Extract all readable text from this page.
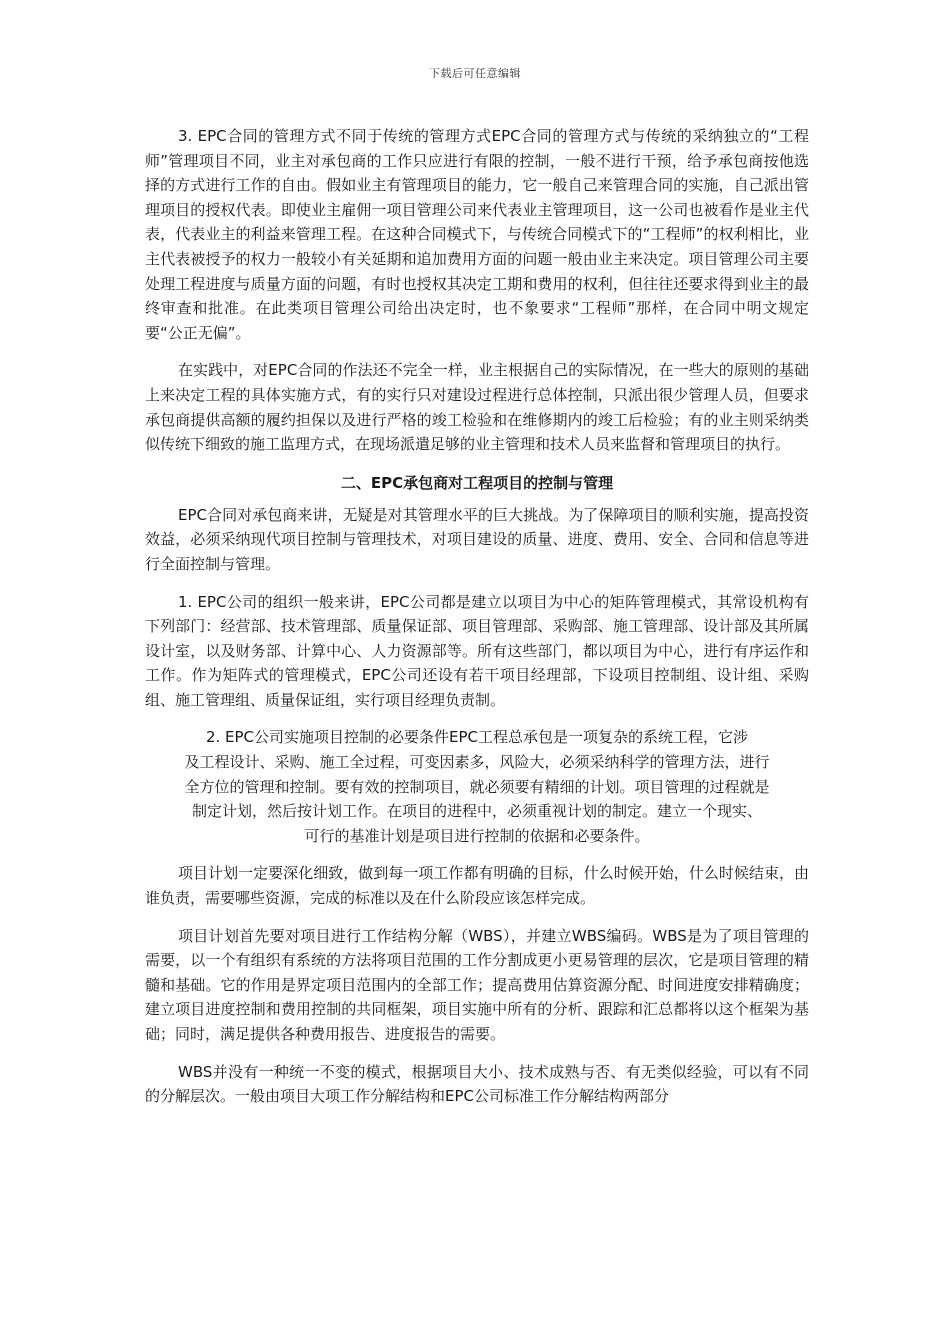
下载后可任意编辑

3. EPC合同的管理方式不同于传统的管理方式EPC合同的管理方式与传统的采纳独立的“工程师”管理项目不同，业主对承包商的工作只应进行有限的控制，一般不进行干预，给予承包商按他选择的方式进行工作的自由。假如业主有管理项目的能力，它一般自己来管理合同的实施，自己派出管理项目的授权代表。即使业主雇佣一项目管理公司来代表业主管理项目，这一公司也被看作是业主代表，代表业主的利益来管理工程。在这种合同模式下，与传统合同模式下的“工程师”的权利相比，业主代表被授予的权力一般较小有关延期和追加费用方面的问题一般由业主来决定。项目管理公司主要处理工程进度与质量方面的问题，有时也授权其决定工期和费用的权利，但往往还要求得到业主的最终审查和批准。在此类项目管理公司给出决定时，也不象要求“工程师”那样，在合同中明文规定要“公正无偏”。

在实践中，对EPC合同的作法还不完全一样，业主根据自己的实际情况，在一些大的原则的基础上来决定工程的具体实施方式，有的实行只对建设过程进行总体控制，只派出很少管理人员，但要求承包商提供高额的履约担保以及进行严格的竣工检验和在维修期内的竣工后检验；有的业主则采纳类似传统下细致的施工监理方式，在现场派遣足够的业主管理和技术人员来监督和管理项目的执行。

二、EPC承包商对工程项目的控制与管理

EPC合同对承包商来讲，无疑是对其管理水平的巨大挑战。为了保障项目的顺利实施，提高投资效益，必须采纳现代项目控制与管理技术，对项目建设的质量、进度、费用、安全、合同和信息等进行全面控制与管理。

1. EPC公司的组织一般来讲，EPC公司都是建立以项目为中心的矩阵管理模式，其常设机构有下列部门：经营部、技术管理部、质量保证部、项目管理部、采购部、施工管理部、设计部及其所属设计室，以及财务部、计算中心、人力资源部等。所有这些部门，都以项目为中心，进行有序运作和工作。作为矩阵式的管理模式，EPC公司还设有若干项目经理部，下设项目控制组、设计组、采购组、施工管理组、质量保证组，实行项目经理负责制。

2. EPC公司实施项目控制的必要条件EPC工程总承包是一项复杂的系统工程，它涉
及工程设计、采购、施工全过程，可变因素多，风险大，必须采纳科学的管理方法，进行
全方位的管理和控制。要有效的控制项目，就必须要有精细的计划。项目管理的过程就是
制定计划，然后按计划工作。在项目的进程中，必须重视计划的制定。建立一个现实、
可行的基准计划是项目进行控制的依据和必要条件。

项目计划一定要深化细致，做到每一项工作都有明确的目标，什么时候开始，什么时候结束，由谁负责，需要哪些资源，完成的标准以及在什么阶段应该怎样完成。

项目计划首先要对项目进行工作结构分解（WBS），并建立WBS编码。WBS是为了项目管理的需要，以一个有组织有系统的方法将项目范围的工作分割成更小更易管理的层次，它是项目管理的精髓和基础。它的作用是界定项目范围内的全部工作；提高费用估算资源分配、时间进度安排精确度；建立项目进度控制和费用控制的共同框架，项目实施中所有的分析、跟踪和汇总都将以这个框架为基础；同时，满足提供各种费用报告、进度报告的需要。

WBS并没有一种统一不变的模式，根据项目大小、技术成熟与否、有无类似经验，可以有不同的分解层次。一般由项目大项工作分解结构和EPC公司标准工作分解结构两部分
